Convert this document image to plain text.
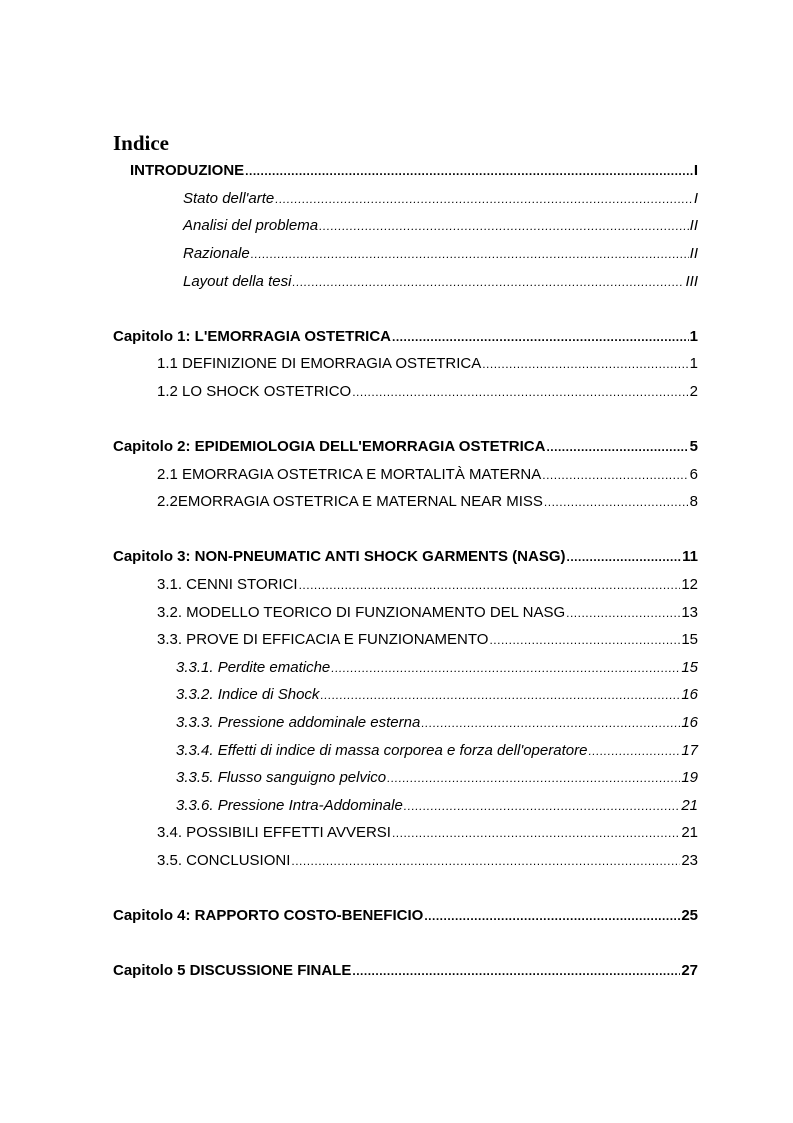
Indice
INTRODUZIONE .....	I
Stato dell'arte .....	I
Analisi del problema .....	II
Razionale .....	II
Layout della tesi .....	III
Capitolo 1: L'EMORRAGIA OSTETRICA .....	1
1.1 DEFINIZIONE DI EMORRAGIA OSTETRICA .....	1
1.2 LO SHOCK OSTETRICO .....	2
Capitolo 2: EPIDEMIOLOGIA DELL'EMORRAGIA OSTETRICA .....	5
2.1 EMORRAGIA OSTETRICA E MORTALITÀ MATERNA .....	6
2.2EMORRAGIA OSTETRICA E MATERNAL NEAR MISS .....	8
Capitolo 3: NON-PNEUMATIC ANTI SHOCK GARMENTS (NASG) .....	11
3.1. CENNI STORICI .....	12
3.2. MODELLO TEORICO DI FUNZIONAMENTO DEL NASG .....	13
3.3. PROVE DI EFFICACIA E FUNZIONAMENTO .....	15
3.3.1. Perdite ematiche .....	15
3.3.2. Indice di Shock .....	16
3.3.3. Pressione addominale esterna .....	16
3.3.4. Effetti di indice di massa corporea e forza dell'operatore .....	17
3.3.5. Flusso sanguigno pelvico .....	19
3.3.6. Pressione Intra-Addominale .....	21
3.4. POSSIBILI EFFETTI AVVERSI .....	21
3.5. CONCLUSIONI .....	23
Capitolo 4: RAPPORTO COSTO-BENEFICIO .....	25
Capitolo 5 DISCUSSIONE FINALE .....	27
